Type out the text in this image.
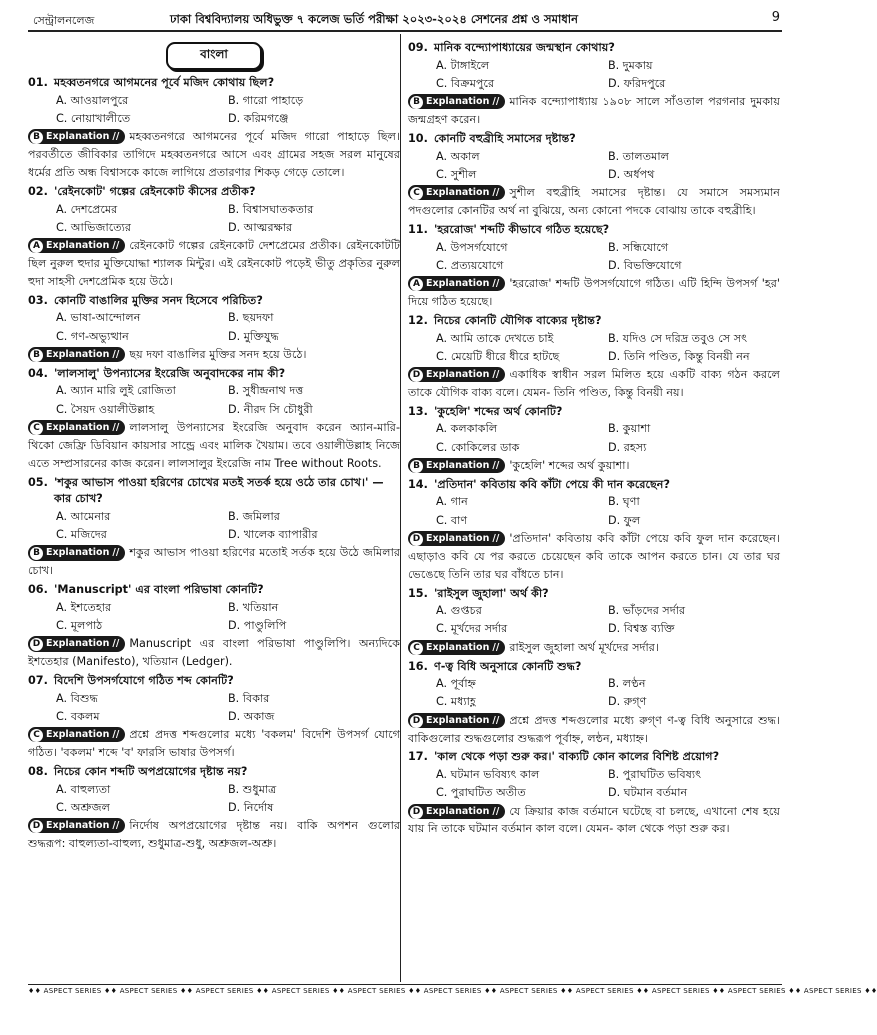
সেন্ট্রালনলেজ	ঢাকা বিশ্ববিদ্যালয় অধিভুক্ত ৭ কলেজ ভর্তি পরীক্ষা ২০২৩-২০২৪ সেশনের প্রশ্ন ও সমাধান	9
বাংলা
01. মহব্বতনগরে আগমনের পূর্বে মজিদ কোথায় ছিল?
A. আওয়ালপুরে	B. গারো পাহাড়ে
C. নোয়াখালীতে	D. করিমগঞ্জে
B Explanation // মহব্বতনগরে আগমনের পূর্বে মজিদ গারো পাহাড়ে ছিল। পরবর্তীতে জীবিকার তাগিদে মহব্বতনগরে আসে এবং গ্রামের সহজ সরল মানুষের ধর্মের প্রতি অন্ধ বিশ্বাসকে কাজে লাগিয়ে প্রতারণার শিকড় গেড়ে তোলে।
02. 'রেইনকোট' গল্পের রেইনকোট কীসের প্রতীক?
A. দেশপ্রেমের	B. বিশ্বাসঘাতকতার
C. আভিজাত্যের	D. আত্মরক্ষার
A Explanation // রেইনকোট গল্পের রেইনকোট দেশপ্রেমের প্রতীক। রেইনকোটটি ছিল নুরুল হুদার মুক্তিযোদ্ধা শ্যালক মিন্টুর। এই রেইনকোট পড়েই ভীতু প্রকৃতির নুরুল হুদা সাহসী দেশপ্রেমিক হয়ে উঠে।
03. কোনটি বাঙালির মুক্তির সনদ হিসেবে পরিচিত?
A. ভাষা-আন্দোলন	B. ছয়দফা
C. গণ-অভ্যুত্থান	D. মুক্তিযুদ্ধ
B Explanation // ছয় দফা বাঙালির মুক্তির সনদ হয়ে উঠে।
04. 'লালসালু' উপন্যাসের ইংরেজি অনুবাদকের নাম কী?
A. অ্যান মারি লুই রোজিতা	B. সুধীন্দ্রনাথ দত্ত
C. সৈয়দ ওয়ালীউল্লাহ	D. নীরদ সি চৌধুরী
C Explanation // লালসালু উপন্যাসের ইংরেজি অনুবাদ করেন অ্যান-মারি-থিকো জেফ্রি ডিবিয়ান কায়সার সান্ড্রে এবং মালিক খৈয়াম। তবে ওয়ালীউল্লাহ নিজে এতে সম্প্রসারনের কাজ করেন। লালসালুর ইংরেজি নাম Tree without Roots.
05. 'শকুর আভাস পাওয়া হরিণের চোখের মতই সতর্ক হয়ে ওঠে তার চোখ।' — কার চোখ?
A. আমেনার	B. জমিলার
C. মজিদের	D. খালেক ব্যাপারীর
B Explanation // শকুর আভাস পাওয়া হরিণের মতোই সর্তক হয়ে উঠে জমিলার চোখ।
06. 'Manuscript' এর বাংলা পরিভাষা কোনটি?
A. ইশতেহার	B. খতিয়ান
C. মূলপাঠ	D. পাণ্ডুলিপি
D Explanation // Manuscript এর বাংলা পরিভাষা পাণ্ডুলিপি। অন্যদিকে ইশতেহার (Manifesto), খতিয়ান (Ledger).
07. বিদেশি উপসর্গযোগে গঠিত শব্দ কোনটি?
A. বিশুদ্ধ	B. বিকার
C. বকলম	D. অকাজ
C Explanation // প্রশ্নে প্রদত্ত শব্দগুলোর মধ্যে 'বকলম' বিদেশি উপসর্গ যোগে গঠিত। 'বকলম' শব্দে 'ব' ফারসি ভাষার উপসর্গ।
08. নিচের কোন শব্দটি অপপ্রয়োগের দৃষ্টান্ত নয়?
A. বাহুল্যতা	B. শুধুমাত্র
C. অশ্রুজল	D. নির্দোষ
D Explanation // নির্দোষ অপপ্রয়োগের দৃষ্টান্ত নয়। বাকি অপশন গুলোর শুদ্ধরূপ: বাহুল্যতা-বাহুল্য, শুধুমাত্র-শুধু, অশ্রুজল-অশ্রু।
09. মানিক বন্দ্যোপাধ্যায়ের জন্মস্থান কোথায়?
A. টাঙ্গাইলে	B. দুমকায়
C. বিক্রমপুরে	D. ফরিদপুরে
B Explanation // মানিক বন্দ্যোপাধ্যায় ১৯০৮ সালে সাঁওতাল পরগনার দুমকায় জন্মগ্রহণ করেন।
10. কোনটি বহুব্রীহি সমাসের দৃষ্টান্ত?
A. অকাল	B. তালতমাল
C. সুশীল	D. অর্ধপথ
C Explanation // সুশীল বহুব্রীহি সমাসের দৃষ্টান্ত। যে সমাসে সমস্যমান পদগুলোর কোনটির অর্থ না বুঝিয়ে, অন্য কোনো পদকে বোঝায় তাকে বহুব্রীহি।
11. 'হররোজ' শব্দটি কীভাবে গঠিত হয়েছে?
A. উপসর্গযোগে	B. সন্ধিযোগে
C. প্রত্যয়যোগে	D. বিভক্তিযোগে
A Explanation // 'হররোজ' শব্দটি উপসর্গযোগে গঠিত। এটি হিন্দি উপসর্গ 'হর' দিয়ে গঠিত হয়েছে।
12. নিচের কোনটি যৌগিক বাক্যের দৃষ্টান্ত?
A. আমি তাকে দেখতে চাই	B. যদিও সে দরিদ্র তবুও সে সৎ
C. মেয়েটি ধীরে ধীরে হাটছে	D. তিনি পণ্ডিত, কিন্তু বিনয়ী নন
D Explanation // একাধিক স্বাধীন সরল মিলিত হয়ে একটি বাক্য গঠন করলে তাকে যৌগিক বাক্য বলে। যেমন- তিনি পণ্ডিত, কিন্তু বিনয়ী নয়।
13. 'কুহেলি' শব্দের অর্থ কোনটি?
A. কলকাকলি	B. কুয়াশা
C. কোকিলের ডাক	D. রহস্য
B Explanation // 'কুহেলি' শব্দের অর্থ কুয়াশা।
14. 'প্রতিদান' কবিতায় কবি কাঁটা পেয়ে কী দান করেছেন?
A. গান	B. ঘৃণা
C. বাণ	D. ফুল
D Explanation // 'প্রতিদান' কবিতায় কবি কাঁটা পেয়ে কবি ফুল দান করেছেন। এছাড়াও কবি যে পর করতে চেয়েছেন কবি তাকে আপন করতে চান। যে তার ঘর ভেঙেছে তিনি তার ঘর বাঁধতে চান।
15. 'রাইসুল জুহালা' অর্থ কী?
A. গুপ্তচর	B. ভাঁড়দের সর্দার
C. মূর্খদের সর্দার	D. বিশ্বস্ত ব্যক্তি
C Explanation // রাইসুল জুহালা অর্থ মূর্খদের সর্দার।
16. ণ-ত্ব বিধি অনুসারে কোনটি শুদ্ধ?
A. পূর্বাহ্ন	B. লণ্ঠন
C. মধ্যাহ্ণ	D. রুগ্ণ
D Explanation // প্রশ্নে প্রদত্ত শব্দগুলোর মধ্যে রুগ্ণ ণ-ত্ব বিধি অনুসারে শুদ্ধ। বাকিগুলোর শুদ্ধগুলোর শুদ্ধরূপ পূর্বাহ্ন, লন্ঠন, মধ্যাহ্ন।
17. 'কাল থেকে পড়া শুরু কর।' বাক্যটি কোন কালের বিশিষ্ট প্রয়োগ?
A. ঘটমান ভবিষ্যৎ কাল	B. পুরাঘটিত ভবিষ্যৎ
C. পুরাঘটিত অতীত	D. ঘটমান বর্তমান
D Explanation // যে ক্রিয়ার কাজ বর্তমানে ঘটেছে বা চলছে, এখানো শেষ হয়ে যায় নি তাকে ঘটমান বর্তমান কাল বলে। যেমন- কাল থেকে পড়া শুরু কর।
♦♦ ASPECT SERIES ♦♦ ASPECT SERIES ♦♦ ASPECT SERIES ♦♦ ASPECT SERIES ♦♦ ASPECT SERIES ♦♦ ASPECT SERIES ♦♦ ASPECT SERIES ♦♦ ASPECT SERIES ♦♦ ASPECT SERIES ♦♦ ASPECT SERIES ♦♦ ASPECT SERIES ♦♦
